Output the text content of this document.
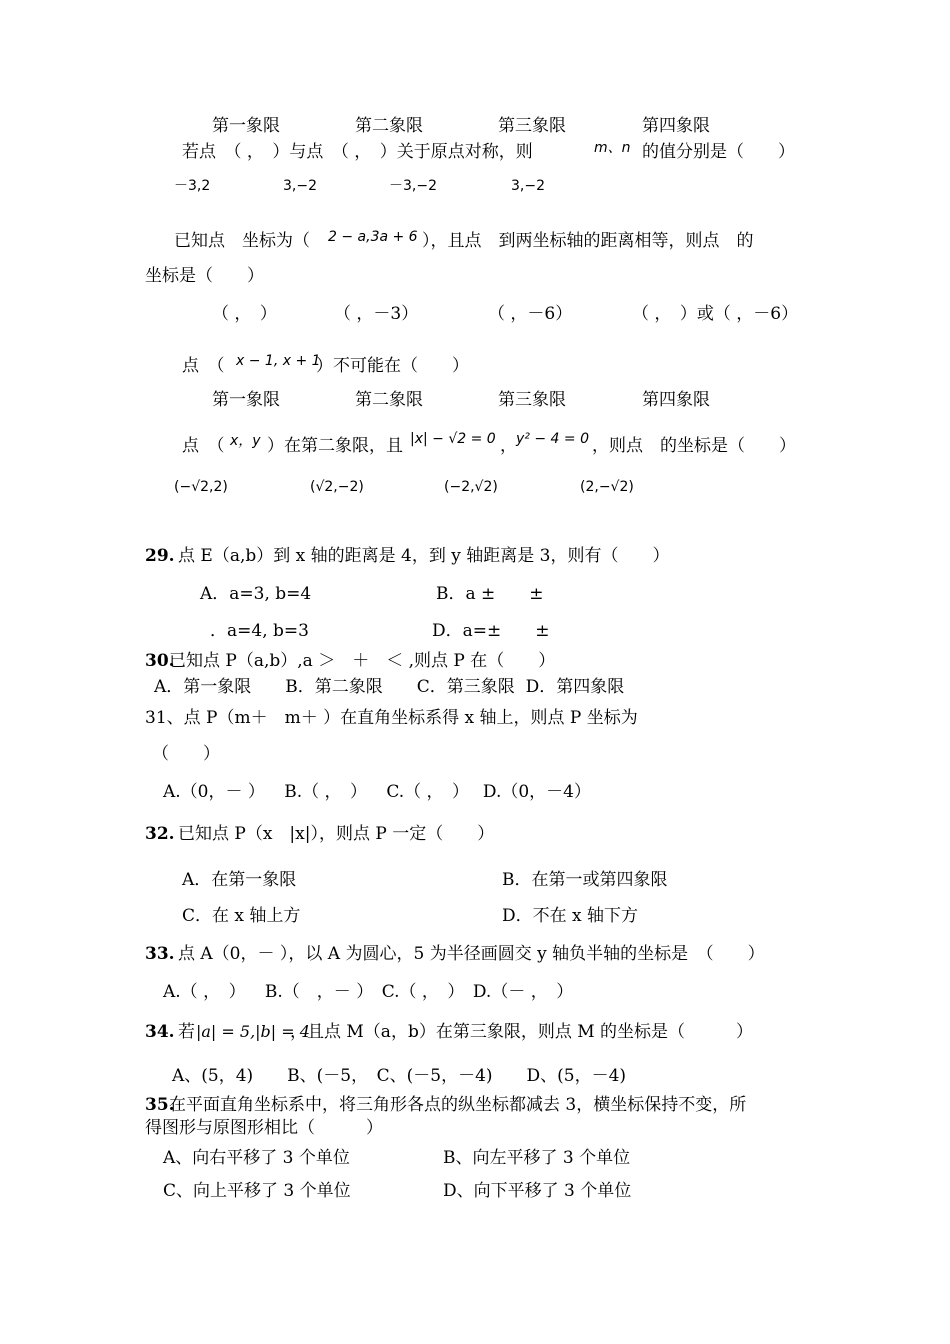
第一象限	第二象限	第三象限	第四象限
若点　（ ，　）与点　（ ，　）关于原点对称，则	m、n 的值分别是（　　）
－3,2	3,−2	－3,−2	3,−2
已知点　坐标为（ 2 − a,3a + 6 ），且点　到两坐标轴的距离相等，则点　的
坐标是（　　）
（ ，　）	（ ，－3）	（ ，－6）	（ ，　）或（ ，－6）
点　（ x − 1, x + 1
）不可能在（　　）
第一象限	第二象限	第三象限	第四象限
点　（ x，y ）在第二象限，且 |x| − √2 = 0 ， y² − 4 = 0 ，则点　的坐标是（　　）
(−√2,2)	(√2,−2)	(−2,√2)	(2,−√2)
29. 点 E（a,b）到 x 轴的距离是 4，到 y 轴距离是 3，则有（　　）
A．a=3, b=4	B．a ±　　±
．a=4, b=3	D．a=±　　±
30.
已知点 P（a,b）,a ＞　＋　＜ ,则点 P 在（　　）
A．第一象限　　B．第二象限　　C．第三象限  D．第四象限
31、点 P（m＋　m＋ ）在直角坐标系得 x 轴上，则点 P 坐标为
（　　）
A.（0，－ ）　  B.（ ，　）　  C.（ ，　）　 D.（0，－4）
32. 已知点 P（x　|x|），则点 P 一定（　　）
A．在第一象限	B．在第一或第四象限
C．在 x 轴上方	D．不在 x 轴下方
33. 点 A（0，－ ），以 A 为圆心，5 为半径画圆交 y 轴负半轴的坐标是　（　　）
A.（ ，　）　  B.（　，－ ）　C.（ ，　）　D.（－ ，　）
34. 若 |a| = 5,|b| = 4
，且点 M（a，b）在第三象限，则点 M 的坐标是（　　　）
A、(5，4)　　B、(－5，　C、(－5，－4)　　D、(5，－4)
35.
在平面直角坐标系中，将三角形各点的纵坐标都减去 3，横坐标保持不变，所
得图形与原图形相比（　　　）
A、向右平移了 3 个单位	B、向左平移了 3 个单位
C、向上平移了 3 个单位	D、向下平移了 3 个单位
